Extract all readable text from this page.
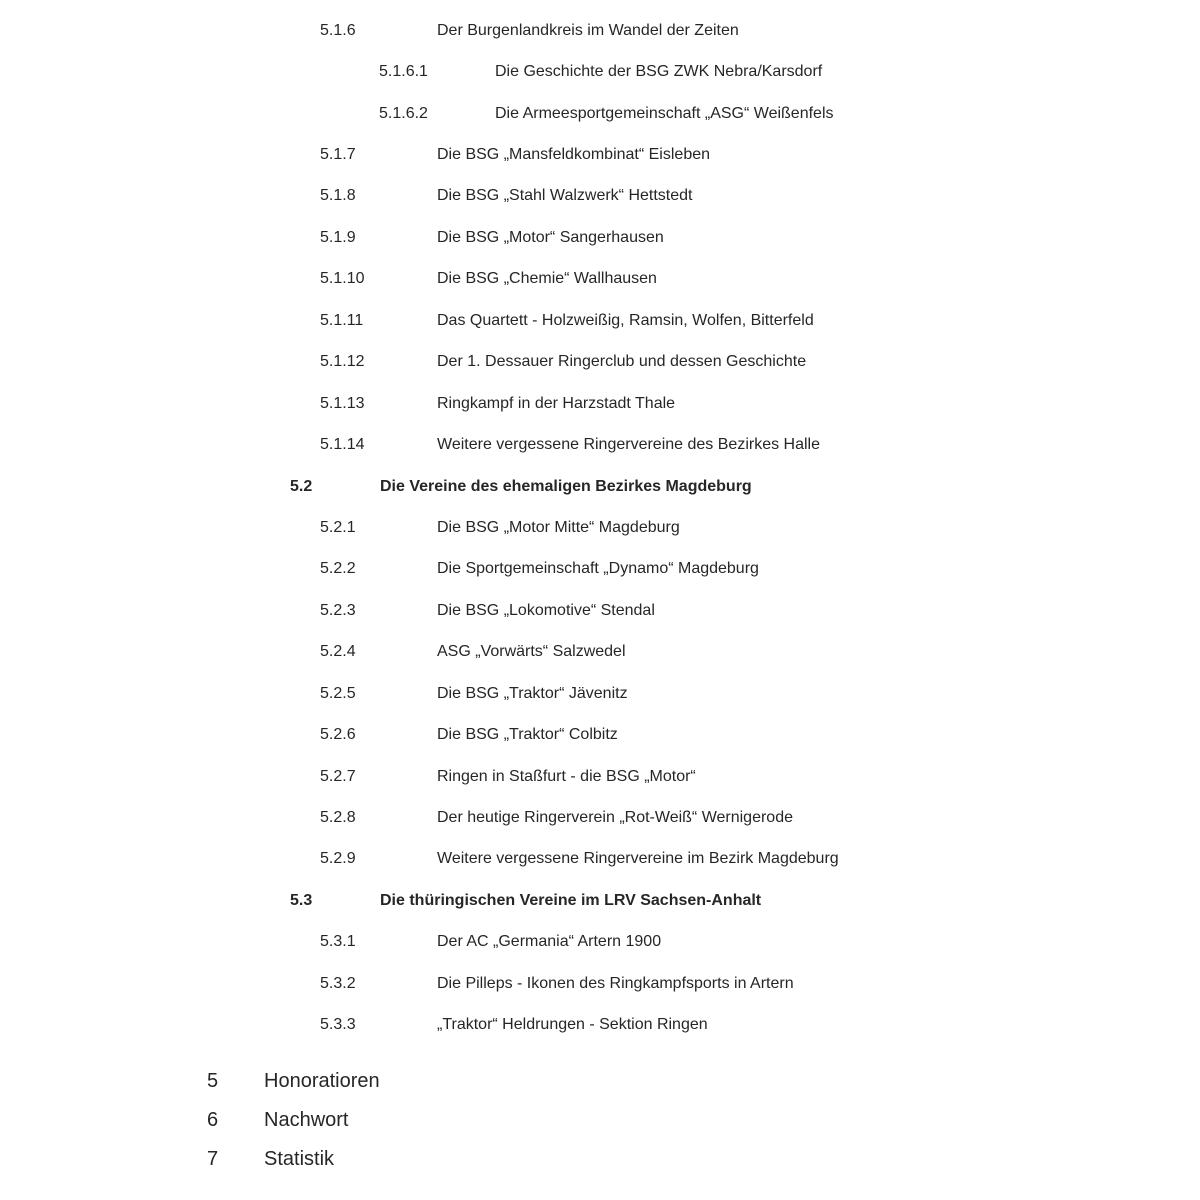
5.1.6	Der Burgenlandkreis im Wandel der Zeiten
5.1.6.1	Die Geschichte der BSG ZWK Nebra/Karsdorf
5.1.6.2	Die Armeesportgemeinschaft „ASG“ Weißenfels
5.1.7	Die BSG „Mansfeldkombinat“ Eisleben
5.1.8	Die BSG „Stahl Walzwerk“ Hettstedt
5.1.9	Die BSG „Motor“ Sangerhausen
5.1.10	Die BSG „Chemie“ Wallhausen
5.1.11	Das Quartett - Holzweißig, Ramsin, Wolfen, Bitterfeld
5.1.12	Der 1. Dessauer Ringerclub und dessen Geschichte
5.1.13	Ringkampf in der Harzstadt Thale
5.1.14	Weitere vergessene Ringervereine des Bezirkes Halle
5.2	Die Vereine des ehemaligen Bezirkes Magdeburg
5.2.1	Die BSG „Motor Mitte“ Magdeburg
5.2.2	Die Sportgemeinschaft „Dynamo“ Magdeburg
5.2.3	Die BSG „Lokomotive“ Stendal
5.2.4	ASG „Vorwärts“ Salzwedel
5.2.5	Die BSG „Traktor“ Jävenitz
5.2.6	Die BSG „Traktor“ Colbitz
5.2.7	Ringen in Staßfurt - die BSG „Motor“
5.2.8	Der heutige Ringerverein „Rot-Weiß“ Wernigerode
5.2.9	Weitere vergessene Ringervereine im Bezirk Magdeburg
5.3	Die thüringischen Vereine im LRV Sachsen-Anhalt
5.3.1	Der AC „Germania“ Artern 1900
5.3.2	Die Pilleps - Ikonen des Ringkampfsports in Artern
5.3.3	„Traktor“ Heldrungen - Sektion Ringen
5	Honoratioren
6	Nachwort
7	Statistik
